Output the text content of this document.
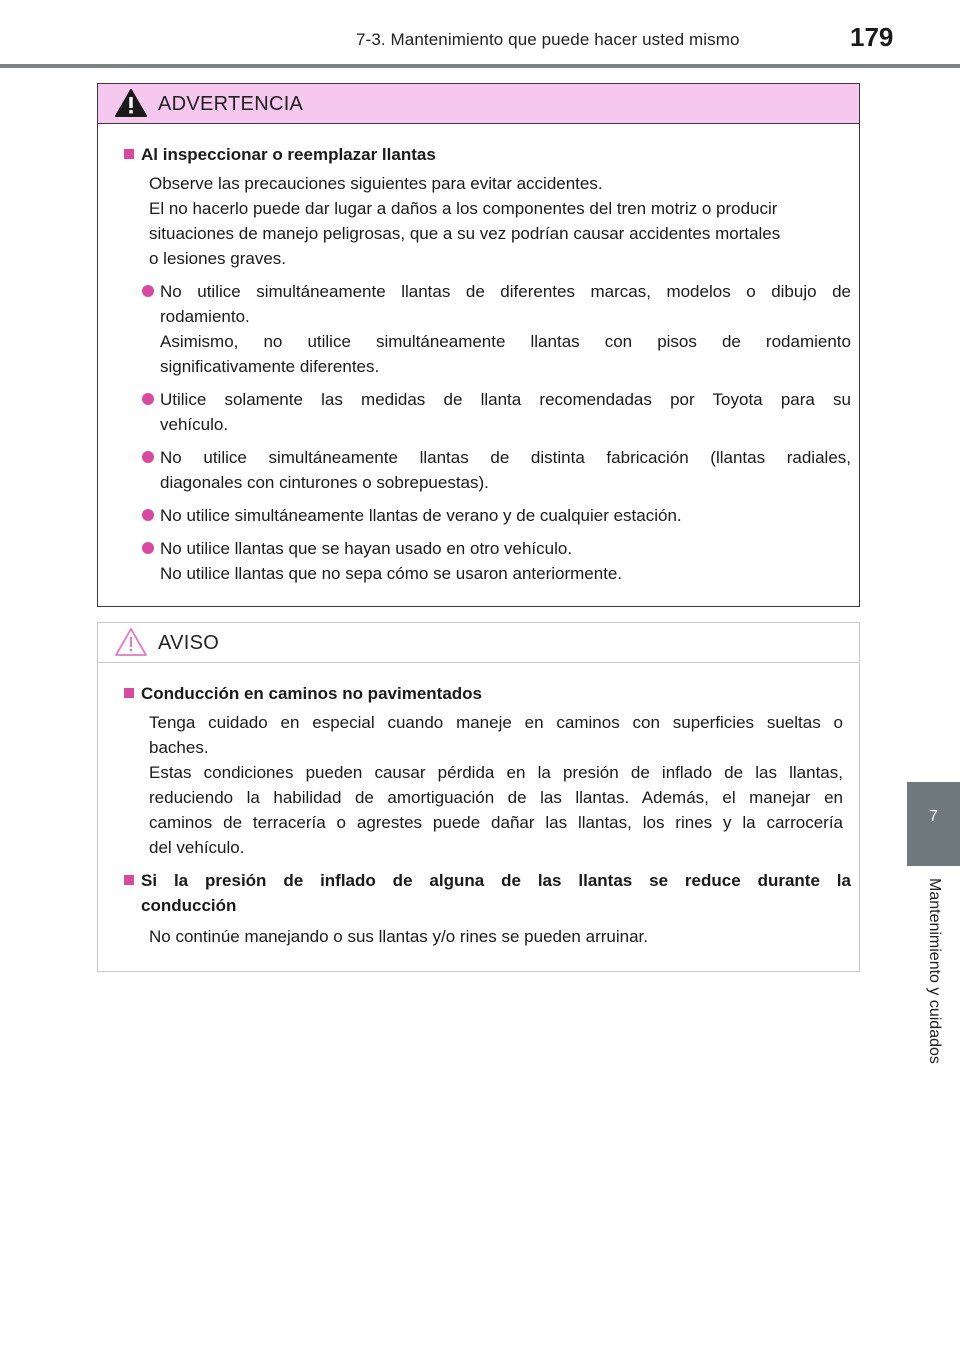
7-3. Mantenimiento que puede hacer usted mismo	179
7
Mantenimiento y cuidados
ADVERTENCIA
Al inspeccionar o reemplazar llantas
Observe las precauciones siguientes para evitar accidentes.
El no hacerlo puede dar lugar a daños a los componentes del tren motriz o producir
situaciones de manejo peligrosas, que a su vez podrían causar accidentes mortales
o lesiones graves.
No utilice simultáneamente llantas de diferentes marcas, modelos o dibujo de
rodamiento.
Asimismo, no utilice simultáneamente llantas con pisos de rodamiento
significativamente diferentes.
Utilice solamente las medidas de llanta recomendadas por Toyota para su
vehículo.
No utilice simultáneamente llantas de distinta fabricación (llantas radiales,
diagonales con cinturones o sobrepuestas).
No utilice simultáneamente llantas de verano y de cualquier estación.
No utilice llantas que se hayan usado en otro vehículo.
No utilice llantas que no sepa cómo se usaron anteriormente.
AVISO
Conducción en caminos no pavimentados
Tenga cuidado en especial cuando maneje en caminos con superficies sueltas o
baches.
Estas condiciones pueden causar pérdida en la presión de inflado de las llantas,
reduciendo la habilidad de amortiguación de las llantas. Además, el manejar en
caminos de terracería o agrestes puede dañar las llantas, los rines y la carrocería
del vehículo.
Si la presión de inflado de alguna de las llantas se reduce durante la
conducción
No continúe manejando o sus llantas y/o rines se pueden arruinar.
